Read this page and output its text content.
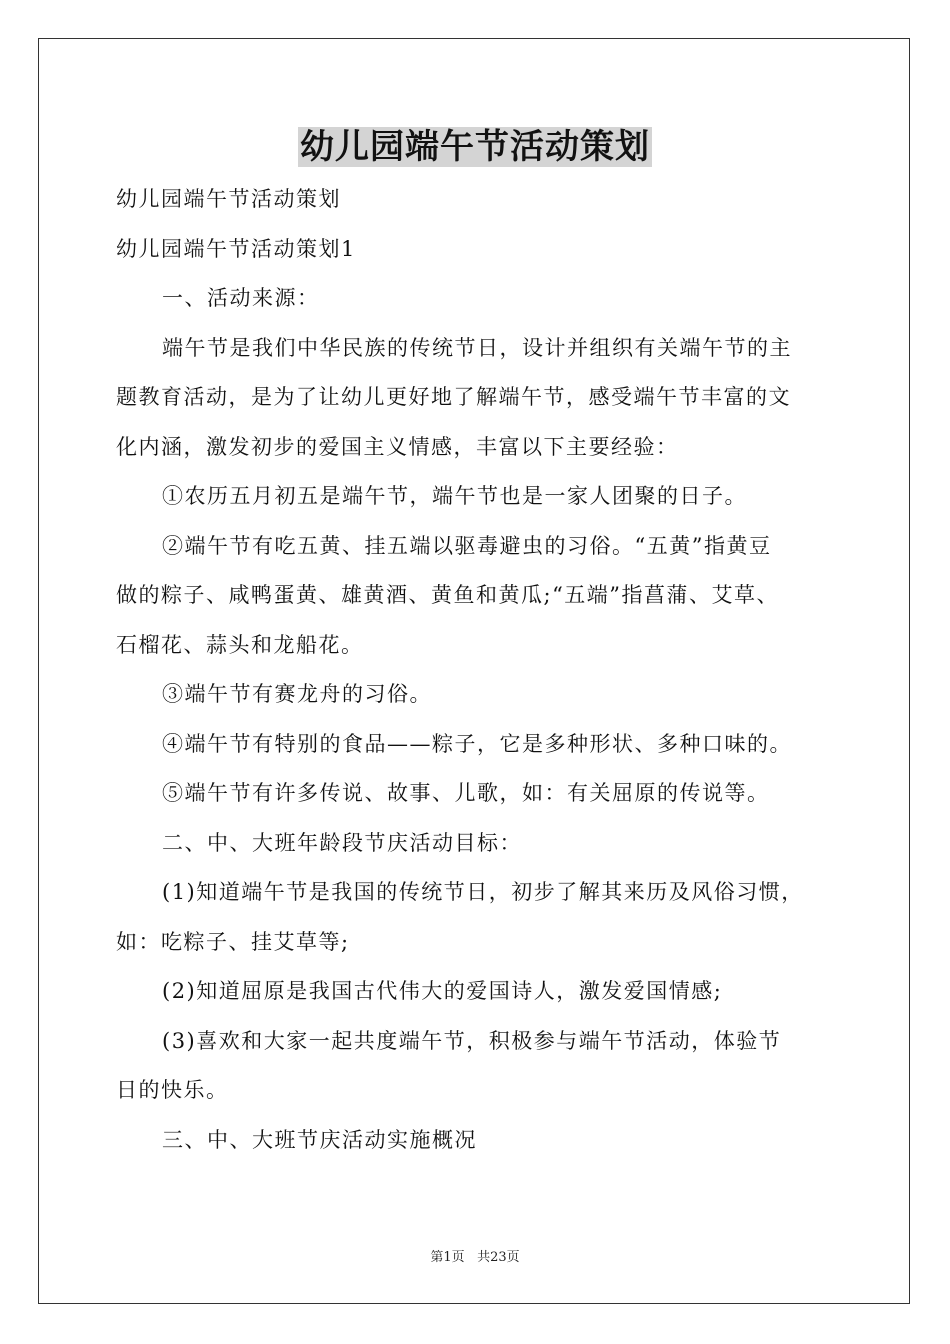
幼儿园端午节活动策划

幼儿园端午节活动策划

幼儿园端午节活动策划1

一、活动来源：

端午节是我们中华民族的传统节日，设计并组织有关端午节的主

题教育活动，是为了让幼儿更好地了解端午节，感受端午节丰富的文

化内涵，激发初步的爱国主义情感，丰富以下主要经验：

①农历五月初五是端午节，端午节也是一家人团聚的日子。

②端午节有吃五黄、挂五端以驱毒避虫的习俗。“五黄”指黄豆

做的粽子、咸鸭蛋黄、雄黄酒、黄鱼和黄瓜;“五端”指菖蒲、艾草、

石榴花、蒜头和龙船花。

③端午节有赛龙舟的习俗。

④端午节有特别的食品——粽子，它是多种形状、多种口味的。

⑤端午节有许多传说、故事、儿歌，如：有关屈原的传说等。

二、中、大班年龄段节庆活动目标：

(1)知道端午节是我国的传统节日，初步了解其来历及风俗习惯，

如：吃粽子、挂艾草等;

(2)知道屈原是我国古代伟大的爱国诗人，激发爱国情感;

(3)喜欢和大家一起共度端午节，积极参与端午节活动，体验节

日的快乐。

三、中、大班节庆活动实施概况

第1页 共23页
